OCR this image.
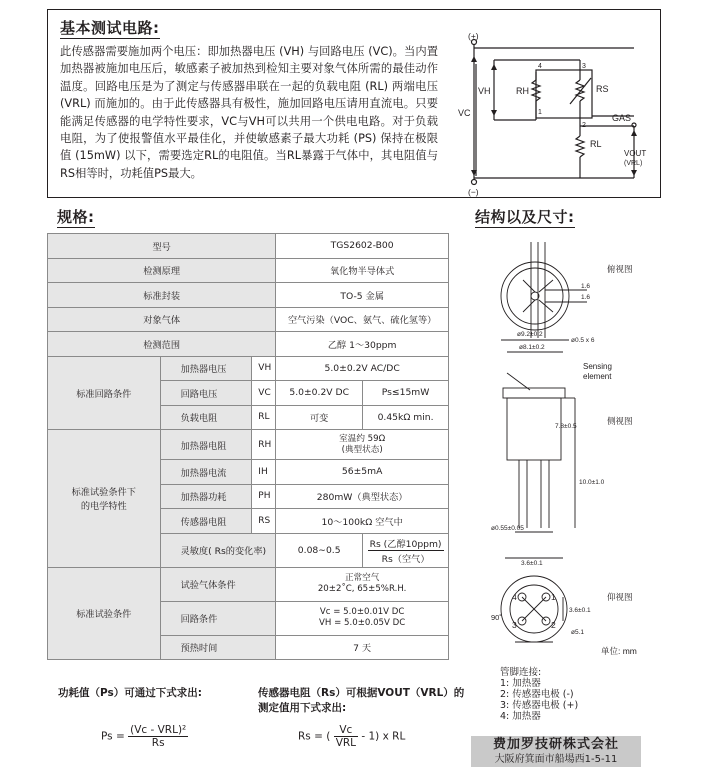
基本测试电路:
此传感器需要施加两个电压：即加热器电压 (VH) 与回路电压 (VC)。当内置加热器被施加电压后，敏感素子被加热到检知主要对象气体所需的最佳动作温度。回路电压是为了测定与传感器串联在一起的负载电阻 (RL) 两端电压 (VRL) 而施加的。由于此传感器具有极性，施加回路电压请用直流电。只要能满足传感器的电学特性要求，VC与VH可以共用一个供电电路。对于负载电阻，为了使报警值水平最佳化，并使敏感素子最大功耗 (PS) 保持在极限值 (15mW) 以下，需要选定RL的电阻值。当RL暴露于气体中，其电阻值与RS相等时，功耗值PS最大。
(+)
(−)
VC
VH	RH	RS
RL
GAS
VOUT
(VRL)
4
1
3
2
规格:	结构以及尺寸:
型号			TGS2602-B00	
检测原理			氧化物半导体式	
标准封装			TO-5 金属	
对象气体			空气污染（VOC、氨气、硫化氢等）	
检测范围			乙醇 1～30ppm	
标准回路条件	加热器电压	VH	5.0±0.2V AC/DC	
	回路电压	VC	5.0±0.2V DC	Ps≤15mW
	负载电阻	RL	可变	0.45kΩ min.
标准试验条件下
的电学特性	加热器电阻	RH	室温约 59Ω
(典型状态)	
	加热器电流	IH	56±5mA	
	加热器功耗	PH	280mW（典型状态）	
	传感器电阻	RS	10～100kΩ 空气中	
	灵敏度( Rs的变化率)		0.08∼0.5	$\frac{\text{Rs (乙醇10ppm)}}{\text{Rs（空气）}}$

标准试验条件	试验气体条件		正常空气
20±2˚C, 65±5%R.H.	
	回路条件		Vc = 5.0±0.01V DC
VH = 5.0±0.05V DC	
	预热时间		7 天	
俯视图
1.6
1.6
ø9.2±0.2
ø8.1±0.2
ø0.5 x 6
Sensing
element
侧视图
7.8±0.5
10.0±1.0
ø0.55±0.05
3.6±0.1
仰视图
3.6±0.1
ø5.1
90˚
4	1
3	2
单位: mm
功耗值（Ps）可通过下式求出:	传感器电阻（Rs）可根据VOUT（VRL）的
测定值用下式求出:
$Ps = \frac{\text{(Vc - VRL)²}}{Rs}$	Rs = ( $\frac{Vc}{\text{VRL}} - 1$) x RL
管脚连接:
1: 加热器
2: 传感器电极 (-)
3: 传感器电极 (+)
4: 加热器
费加罗技研株式会社
大阪府箕面市船場西1-5-11
